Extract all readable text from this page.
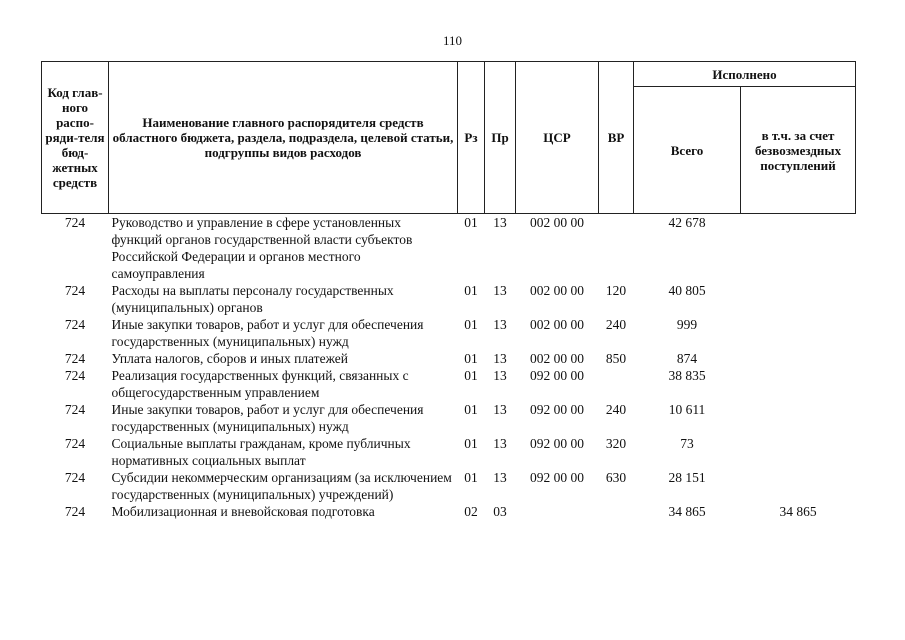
110
Код глав-ного распо-ряди-теля бюд-жетных средств	Наименование главного распорядителя средств областного бюджета, раздела, подраздела, целевой статьи, подгруппы видов расходов	Рз	Пр	ЦСР	ВР	Исполнено	
						Всего	в т.ч. за счет безвозмездных поступлений
724	Руководство и управление в сфере установленных функций органов государственной власти субъектов Российской Федерации и органов местного самоуправления	01	13	002 00 00		42 678	
724	Расходы на выплаты персоналу государственных (муниципальных) органов	01	13	002 00 00	120	40 805	
724	Иные закупки товаров, работ и услуг для обеспечения государственных (муниципальных) нужд	01	13	002 00 00	240	999	
724	Уплата налогов, сборов и иных платежей	01	13	002 00 00	850	874	
724	Реализация государственных функций, связанных с общегосударственным управлением	01	13	092 00 00		38 835	
724	Иные закупки товаров, работ и услуг для обеспечения государственных (муниципальных) нужд	01	13	092 00 00	240	10 611	
724	Социальные выплаты гражданам, кроме публичных нормативных социальных выплат	01	13	092 00 00	320	73	
724	Субсидии некоммерческим организациям (за исключением государственных (муниципальных) учреждений)	01	13	092 00 00	630	28 151	
724	Мобилизационная и вневойсковая подготовка	02	03			34 865	34 865
